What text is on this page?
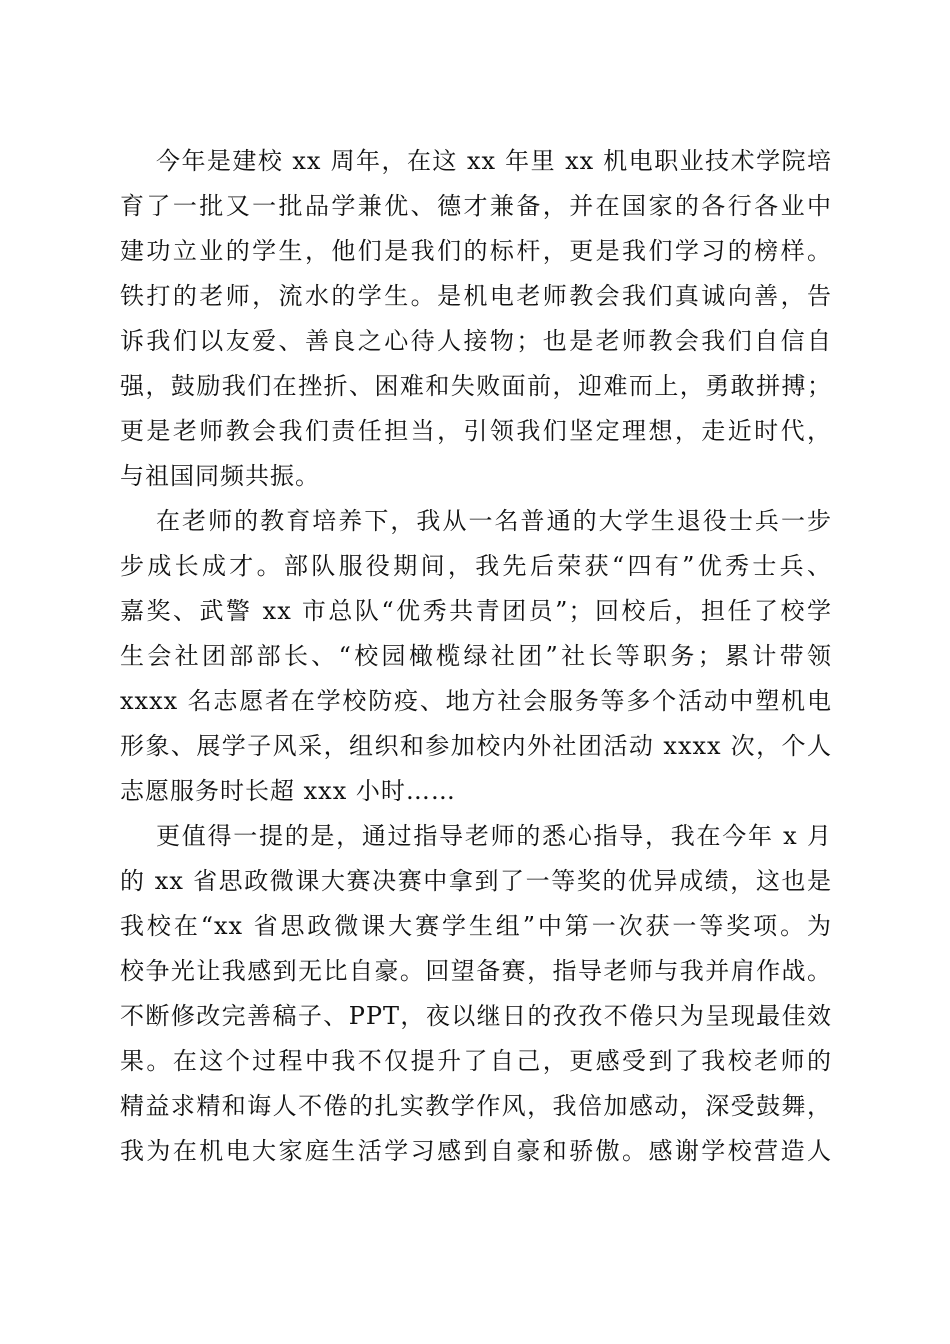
今年是建校 xx 周年，在这 xx 年里 xx 机电职业技术学院培
育了一批又一批品学兼优、德才兼备，并在国家的各行各业中
建功立业的学生，他们是我们的标杆，更是我们学习的榜样。
铁打的老师，流水的学生。是机电老师教会我们真诚向善，告
诉我们以友爱、善良之心待人接物；也是老师教会我们自信自
强，鼓励我们在挫折、困难和失败面前，迎难而上，勇敢拼搏；
更是老师教会我们责任担当，引领我们坚定理想，走近时代，
与祖国同频共振。
在老师的教育培养下，我从一名普通的大学生退役士兵一步
步成长成才。部队服役期间，我先后荣获“四有”优秀士兵、
嘉奖、武警 xx 市总队“优秀共青团员”；回校后，担任了校学
生会社团部部长、“校园橄榄绿社团”社长等职务；累计带领
xxxx 名志愿者在学校防疫、地方社会服务等多个活动中塑机电
形象、展学子风采，组织和参加校内外社团活动 xxxx 次，个人
志愿服务时长超 xxx 小时……
更值得一提的是，通过指导老师的悉心指导，我在今年 x 月
的 xx 省思政微课大赛决赛中拿到了一等奖的优异成绩，这也是
我校在“xx 省思政微课大赛学生组”中第一次获一等奖项。为
校争光让我感到无比自豪。回望备赛，指导老师与我并肩作战。
不断修改完善稿子、PPT，夜以继日的孜孜不倦只为呈现最佳效
果。在这个过程中我不仅提升了自己，更感受到了我校老师的
精益求精和诲人不倦的扎实教学作风，我倍加感动，深受鼓舞，
我为在机电大家庭生活学习感到自豪和骄傲。感谢学校营造人
